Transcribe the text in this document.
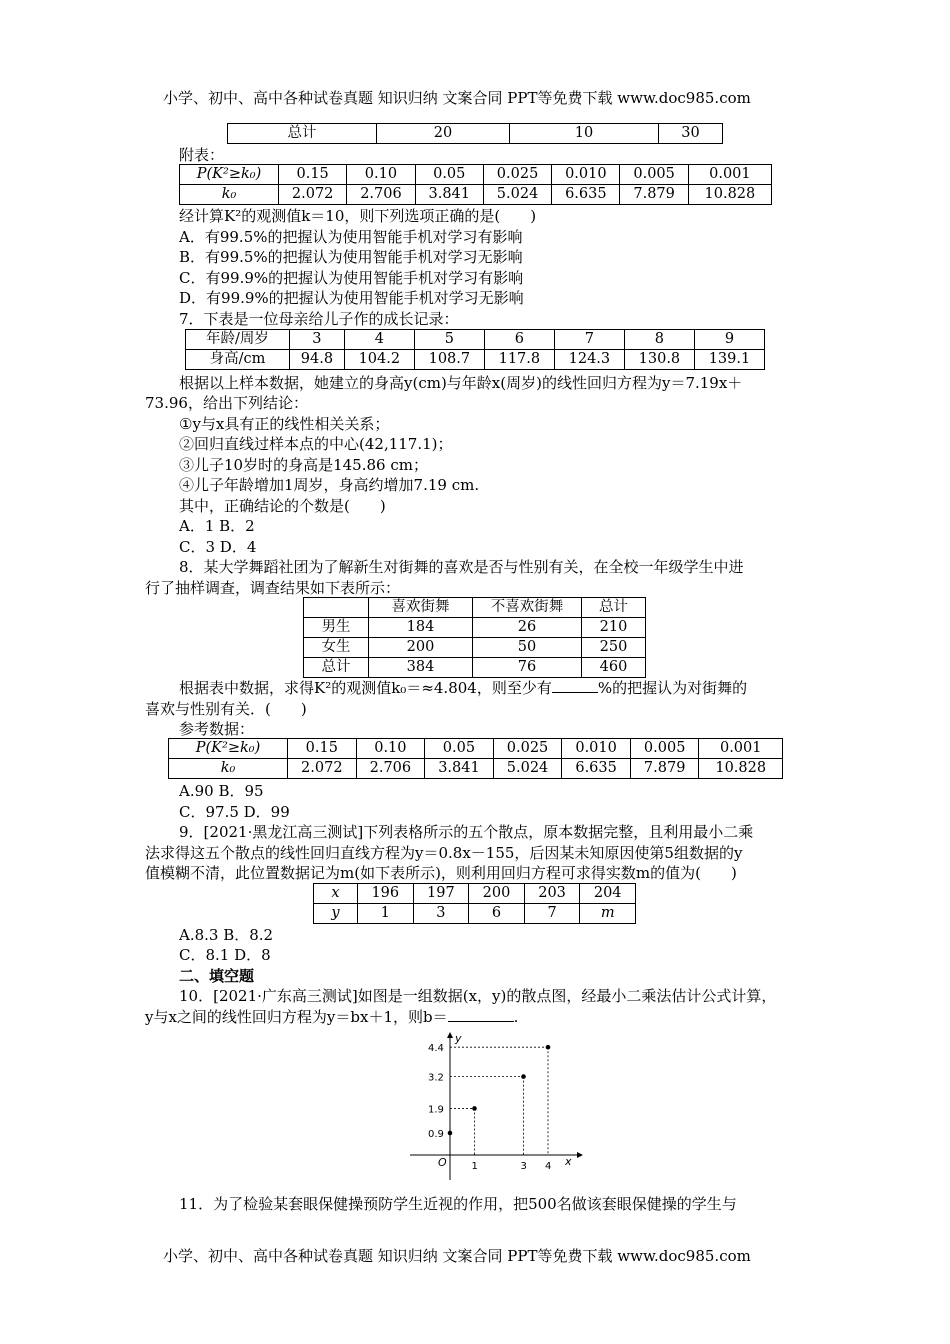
小学、初中、高中各种试卷真题 知识归纳 文案合同 PPT等免费下载 www.doc985.com
总计	20	10	30
附表：
P(K²≥k₀)	0.15	0.10	0.05	0.025	0.010	0.005	0.001
k₀	2.072	2.706	3.841	5.024	6.635	7.879	10.828
经计算K²的观测值k＝10，则下列选项正确的是(　　)
A．有99.5%的把握认为使用智能手机对学习有影响
B．有99.5%的把握认为使用智能手机对学习无影响
C．有99.9%的把握认为使用智能手机对学习有影响
D．有99.9%的把握认为使用智能手机对学习无影响
7．下表是一位母亲给儿子作的成长记录：
年龄/周岁	3	4	5	6	7	8	9
身高/cm	94.8	104.2	108.7	117.8	124.3	130.8	139.1
根据以上样本数据，她建立的身高y(cm)与年龄x(周岁)的线性回归方程为y＝7.19x＋
73.96，给出下列结论：
①y与x具有正的线性相关关系；
②回归直线过样本点的中心(42,117.1)；
③儿子10岁时的身高是145.86 cm；
④儿子年龄增加1周岁，身高约增加7.19 cm.
其中，正确结论的个数是(　　)
A．1 B．2
C．3 D．4
8．某大学舞蹈社团为了解新生对街舞的喜欢是否与性别有关，在全校一年级学生中进
行了抽样调查，调查结果如下表所示：
	喜欢街舞	不喜欢街舞	总计
男生	184	26	210
女生	200	50	250
总计	384	76	460
根据表中数据，求得K²的观测值k₀＝≈4.804，则至少有	%的把握认为对街舞的
喜欢与性别有关．(　　)
参考数据：
P(K²≥k₀)	0.15	0.10	0.05	0.025	0.010	0.005	0.001
k₀	2.072	2.706	3.841	5.024	6.635	7.879	10.828
A.90 B．95
C．97.5 D．99
9．[2021·黑龙江高三测试]下列表格所示的五个散点，原本数据完整，且利用最小二乘
法求得这五个散点的线性回归直线方程为y＝0.8x－155，后因某未知原因使第5组数据的y
值模糊不清，此位置数据记为m(如下表所示)，则利用回归方程可求得实数m的值为(　　)
x	196	197	200	203	204
y	1	3	6	7	m
A.8.3 B．8.2
C．8.1 D．8
二、填空题
10．[2021·广东高三测试]如图是一组数据(x，y)的散点图，经最小二乘法估计公式计算，
y与x之间的线性回归方程为y＝bx＋1，则b＝	.
y
x
O
4.4
3.2
1.9
0.9
1	3 4
11．为了检验某套眼保健操预防学生近视的作用，把500名做该套眼保健操的学生与
小学、初中、高中各种试卷真题 知识归纳 文案合同 PPT等免费下载 www.doc985.com
